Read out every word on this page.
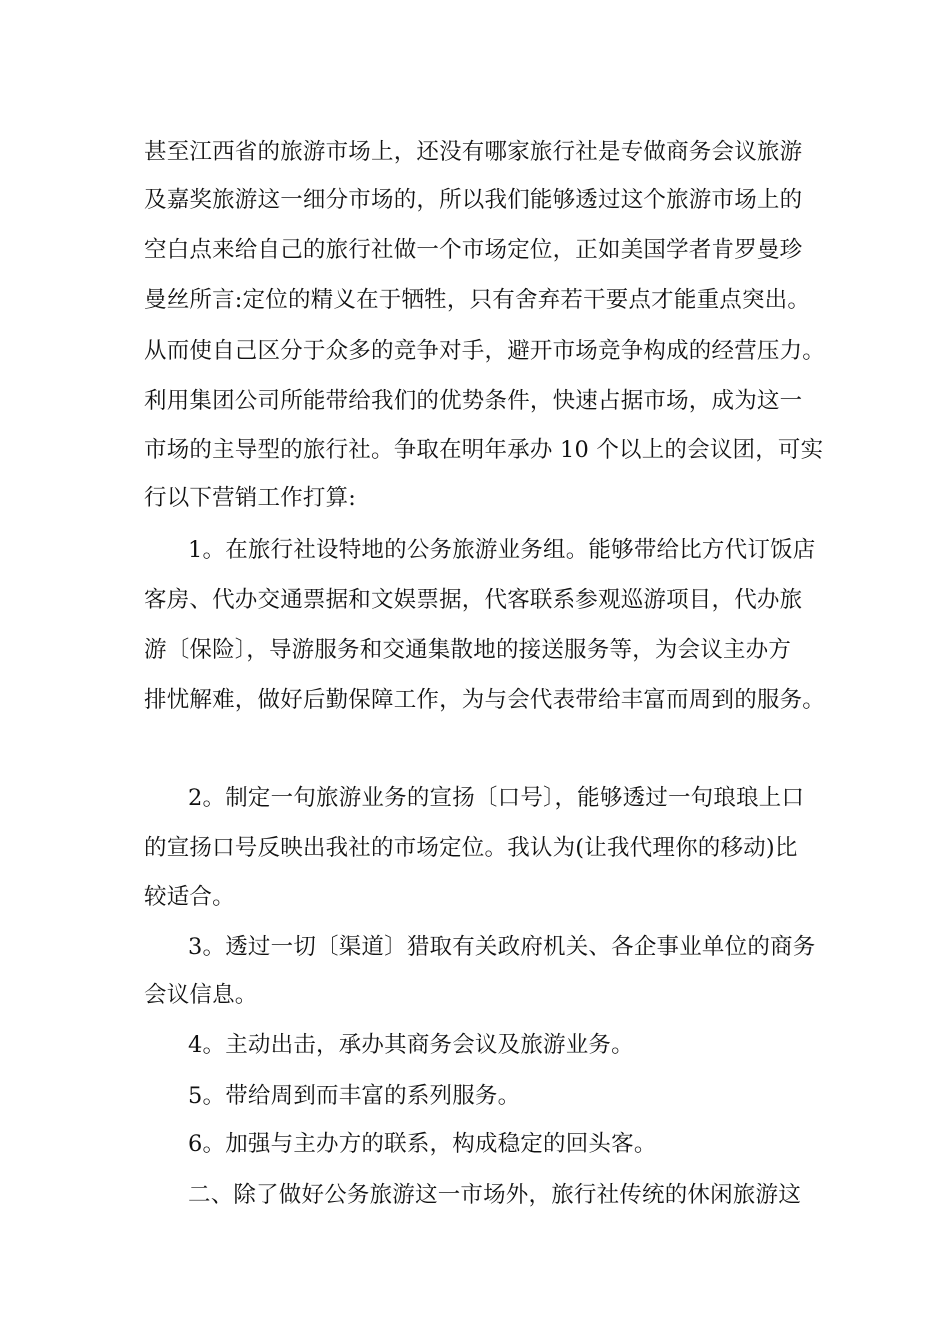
甚至江西省的旅游市场上，还没有哪家旅行社是专做商务会议旅游
及嘉奖旅游这一细分市场的，所以我们能够透过这个旅游市场上的
空白点来给自己的旅行社做一个市场定位，正如美国学者肯罗曼珍
曼丝所言:定位的精义在于牺牲，只有舍弃若干要点才能重点突出。
从而使自己区分于众多的竞争对手，避开市场竞争构成的经营压力。
利用集团公司所能带给我们的优势条件，快速占据市场，成为这一
市场的主导型的旅行社。争取在明年承办 10 个以上的会议团，可实
行以下营销工作打算:
1。在旅行社设特地的公务旅游业务组。能够带给比方代订饭店
客房、代办交通票据和文娱票据，代客联系参观巡游项目，代办旅
游〔保险〕，导游服务和交通集散地的接送服务等，为会议主办方
排忧解难，做好后勤保障工作，为与会代表带给丰富而周到的服务。
2。制定一句旅游业务的宣扬〔口号〕，能够透过一句琅琅上口
的宣扬口号反映出我社的市场定位。我认为(让我代理你的移动)比
较适合。
3。透过一切〔渠道〕猎取有关政府机关、各企事业单位的商务
会议信息。
4。主动出击，承办其商务会议及旅游业务。
5。带给周到而丰富的系列服务。
6。加强与主办方的联系，构成稳定的回头客。
二、除了做好公务旅游这一市场外，旅行社传统的休闲旅游这
